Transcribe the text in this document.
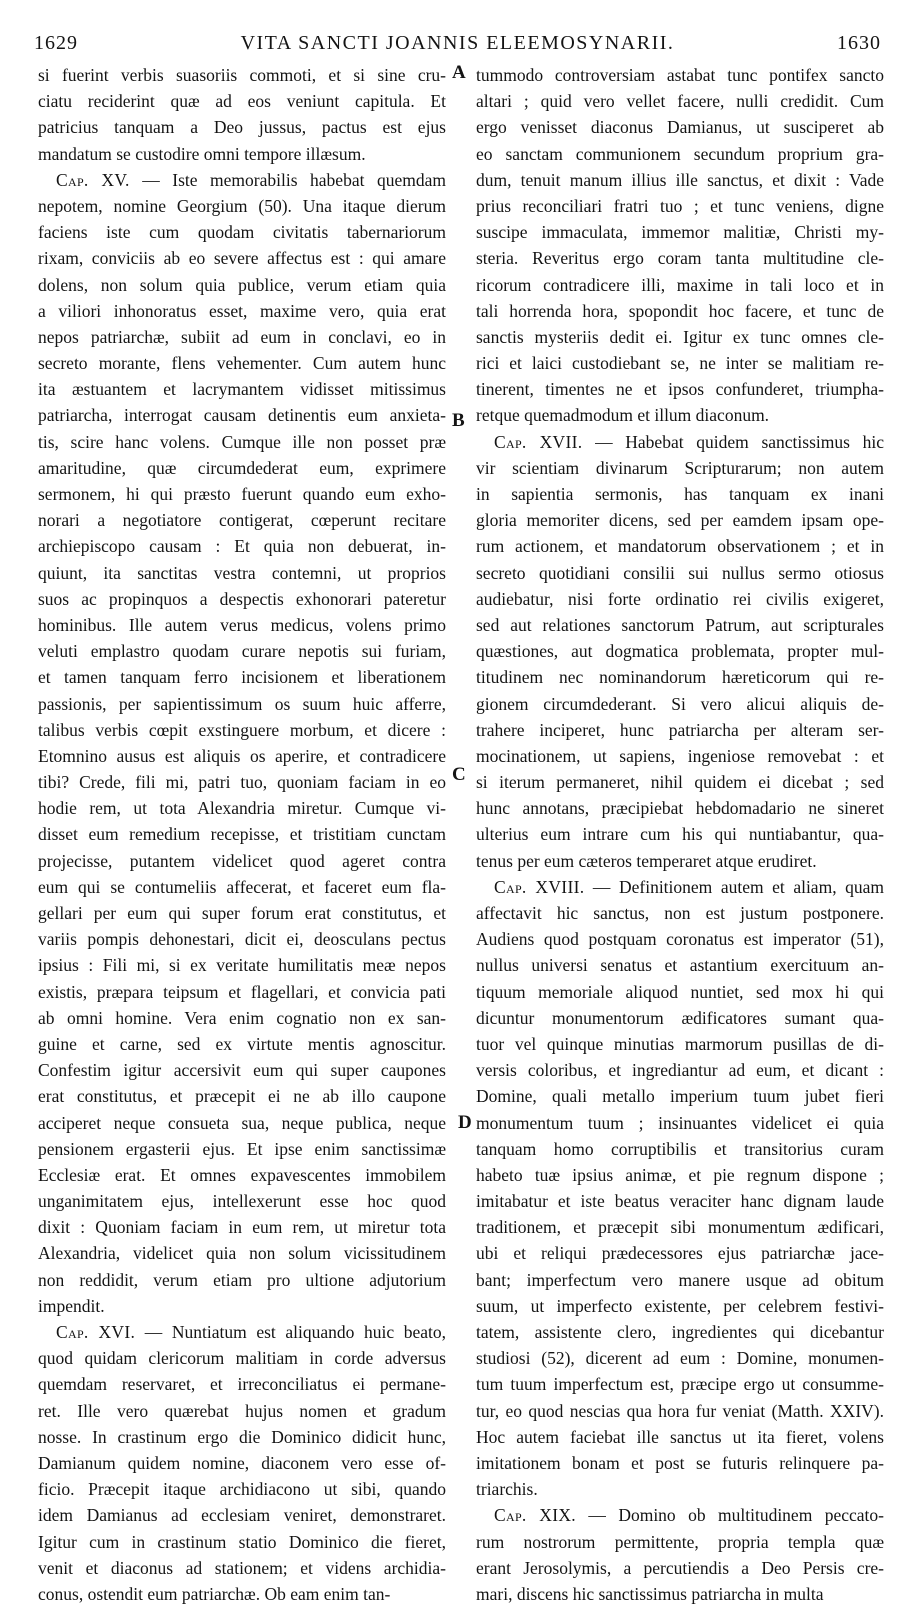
1629	VITA SANCTI JOANNIS ELEEMOSYNARII.	1630
si fuerint verbis suasoriis commoti, et si sine cru-
ciatu reciderint quæ ad eos veniunt capitula. Et
patricius tanquam a Deo jussus, pactus est ejus
mandatum se custodire omni tempore illæsum.
Cap. XV. — Iste memorabilis habebat quemdam
nepotem, nomine Georgium (50). Una itaque dierum
faciens iste cum quodam civitatis tabernariorum
rixam, conviciis ab eo severe affectus est : qui amare
dolens, non solum quia publice, verum etiam quia
a viliori inhonoratus esset, maxime vero, quia erat
nepos patriarchæ, subiit ad eum in conclavi, eo in
secreto morante, flens vehementer. Cum autem hunc
ita æstuantem et lacrymantem vidisset mitissimus
patriarcha, interrogat causam detinentis eum anxieta-
tis, scire hanc volens. Cumque ille non posset præ
amaritudine, quæ circumdederat eum, exprimere
sermonem, hi qui præsto fuerunt quando eum exho-
norari a negotiatore contigerat, cœperunt recitare
archiepiscopo causam : Et quia non debuerat, in-
quiunt, ita sanctitas vestra contemni, ut proprios
suos ac propinquos a despectis exhonorari pateretur
hominibus. Ille autem verus medicus, volens primo
veluti emplastro quodam curare nepotis sui furiam,
et tamen tanquam ferro incisionem et liberationem
passionis, per sapientissimum os suum huic afferre,
talibus verbis cœpit exstinguere morbum, et dicere :
Etomnino ausus est aliquis os aperire, et contradicere
tibi? Crede, fili mi, patri tuo, quoniam faciam in eo
hodie rem, ut tota Alexandria miretur. Cumque vi-
disset eum remedium recepisse, et tristitiam cunctam
projecisse, putantem videlicet quod ageret contra
eum qui se contumeliis affecerat, et faceret eum fla-
gellari per eum qui super forum erat constitutus, et
variis pompis dehonestari, dicit ei, deosculans pectus
ipsius : Fili mi, si ex veritate humilitatis meæ nepos
existis, præpara teipsum et flagellari, et convicia pati
ab omni homine. Vera enim cognatio non ex san-
guine et carne, sed ex virtute mentis agnoscitur.
Confestim igitur accersivit eum qui super caupones
erat constitutus, et præcepit ei ne ab illo caupone
acciperet neque consueta sua, neque publica, neque
pensionem ergasterii ejus. Et ipse enim sanctissimæ
Ecclesiæ erat. Et omnes expavescentes immobilem
unganimitatem ejus, intellexerunt esse hoc quod
dixit : Quoniam faciam in eum rem, ut miretur tota
Alexandria, videlicet quia non solum vicissitudinem
non reddidit, verum etiam pro ultione adjutorium
impendit.
Cap. XVI. — Nuntiatum est aliquando huic beato,
quod quidam clericorum malitiam in corde adversus
quemdam reservaret, et irreconciliatus ei permane-
ret. Ille vero quærebat hujus nomen et gradum
nosse. In crastinum ergo die Dominico didicit hunc,
Damianum quidem nomine, diaconem vero esse of-
ficio. Præcepit itaque archidiacono ut sibi, quando
idem Damianus ad ecclesiam veniret, demonstraret.
Igitur cum in crastinum statio Dominico die fieret,
venit et diaconus ad stationem; et videns archidia-
conus, ostendit eum patriarchæ. Ob eam enim tan-
tummodo controversiam astabat tunc pontifex sancto
altari ; quid vero vellet facere, nulli credidit. Cum
ergo venisset diaconus Damianus, ut susciperet ab
eo sanctam communionem secundum proprium gra-
dum, tenuit manum illius ille sanctus, et dixit : Vade
prius reconciliari fratri tuo ; et tunc veniens, digne
suscipe immaculata, immemor malitiæ, Christi my-
steria. Reveritus ergo coram tanta multitudine cle-
ricorum contradicere illi, maxime in tali loco et in
tali horrenda hora, spopondit hoc facere, et tunc de
sanctis mysteriis dedit ei. Igitur ex tunc omnes cle-
rici et laici custodiebant se, ne inter se malitiam re-
tinerent, timentes ne et ipsos confunderet, triumpha-
retque quemadmodum et illum diaconum.
Cap. XVII. — Habebat quidem sanctissimus hic
vir scientiam divinarum Scripturarum; non autem
in sapientia sermonis, has tanquam ex inani
gloria memoriter dicens, sed per eamdem ipsam ope-
rum actionem, et mandatorum observationem ; et in
secreto quotidiani consilii sui nullus sermo otiosus
audiebatur, nisi forte ordinatio rei civilis exigeret,
sed aut relationes sanctorum Patrum, aut scripturales
quæstiones, aut dogmatica problemata, propter mul-
titudinem nec nominandorum hæreticorum qui re-
gionem circumdederant. Si vero alicui aliquis de-
trahere inciperet, hunc patriarcha per alteram ser-
mocinationem, ut sapiens, ingeniose removebat : et
si iterum permaneret, nihil quidem ei dicebat ; sed
hunc annotans, præcipiebat hebdomadario ne sineret
ulterius eum intrare cum his qui nuntiabantur, qua-
tenus per eum cæteros temperaret atque erudiret.
Cap. XVIII. — Definitionem autem et aliam, quam
affectavit hic sanctus, non est justum postponere.
Audiens quod postquam coronatus est imperator (51),
nullus universi senatus et astantium exercituum an-
tiquum memoriale aliquod nuntiet, sed mox hi qui
dicuntur monumentorum ædificatores sumant qua-
tuor vel quinque minutias marmorum pusillas de di-
versis coloribus, et ingrediantur ad eum, et dicant :
Domine, quali metallo imperium tuum jubet fieri
monumentum tuum ; insinuantes videlicet ei quia
tanquam homo corruptibilis et transitorius curam
habeto tuæ ipsius animæ, et pie regnum dispone ;
imitabatur et iste beatus veraciter hanc dignam laude
traditionem, et præcepit sibi monumentum ædificari,
ubi et reliqui prædecessores ejus patriarchæ jace-
bant; imperfectum vero manere usque ad obitum
suum, ut imperfecto existente, per celebrem festivi-
tatem, assistente clero, ingredientes qui dicebantur
studiosi (52), dicerent ad eum : Domine, monumen-
tum tuum imperfectum est, præcipe ergo ut consumme-
tur, eo quod nescias qua hora fur veniat (Matth. XXIV).
Hoc autem faciebat ille sanctus ut ita fieret, volens
imitationem bonam et post se futuris relinquere pa-
triarchis.
Cap. XIX. — Domino ob multitudinem peccato-
rum nostrorum permittente, propria templa quæ
erant Jerosolymis, a percutiendis a Deo Persis cre-
mari, discens hic sanctissimus patriarcha in multa
A
B
C
D
